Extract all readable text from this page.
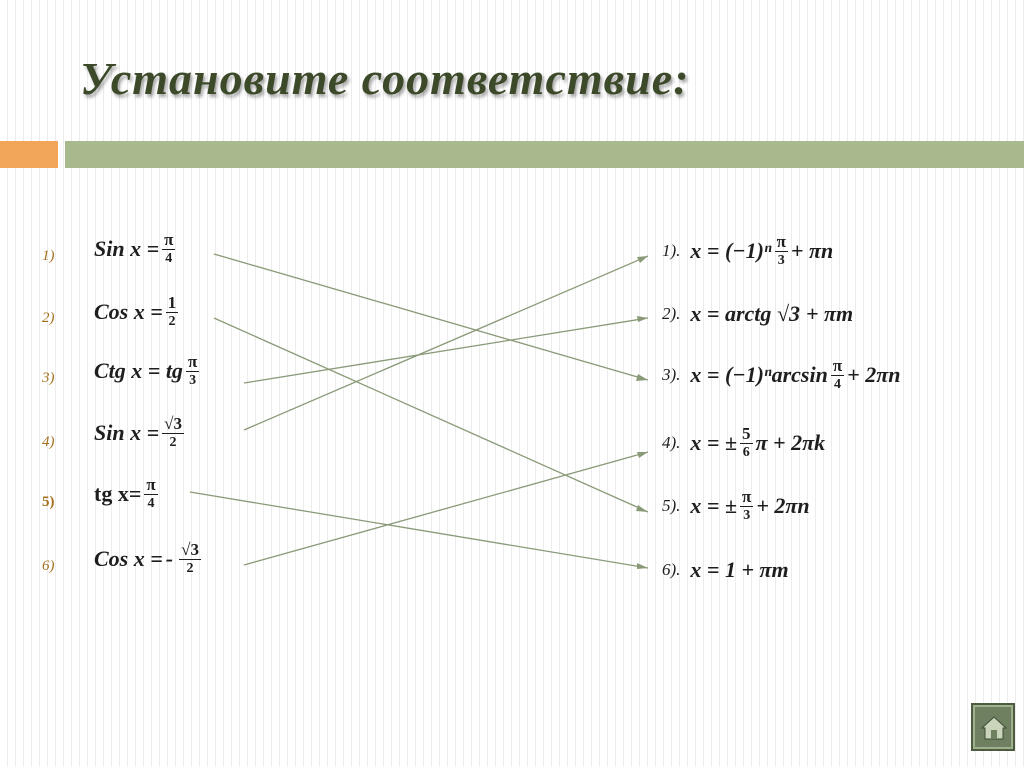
Установите соответствие:
1)
2)
3)
4)
5)
6)
Sin $x = \frac{\pi}{4}$
Cos $x = \frac{1}{2}$
Ctg x = tg $\frac{\pi}{3}$
Sin $x = \frac{√3}{2}$
tg $x= \frac{\pi}{4}$
Cos x = - $\frac{√3}{2}$
1). $x = (-1)^n \frac{\pi}{3} + \pi n$
2). x = arctg √3 + πm
3). $x = (-1)^n\arcsin \frac{\pi}{4} + 2\pi n$
4). x = ± $\frac{5}{6}$ π + 2πk
5). x = ± $\frac{\pi}{3} + 2\pi n$
6). x = 1 + πm
